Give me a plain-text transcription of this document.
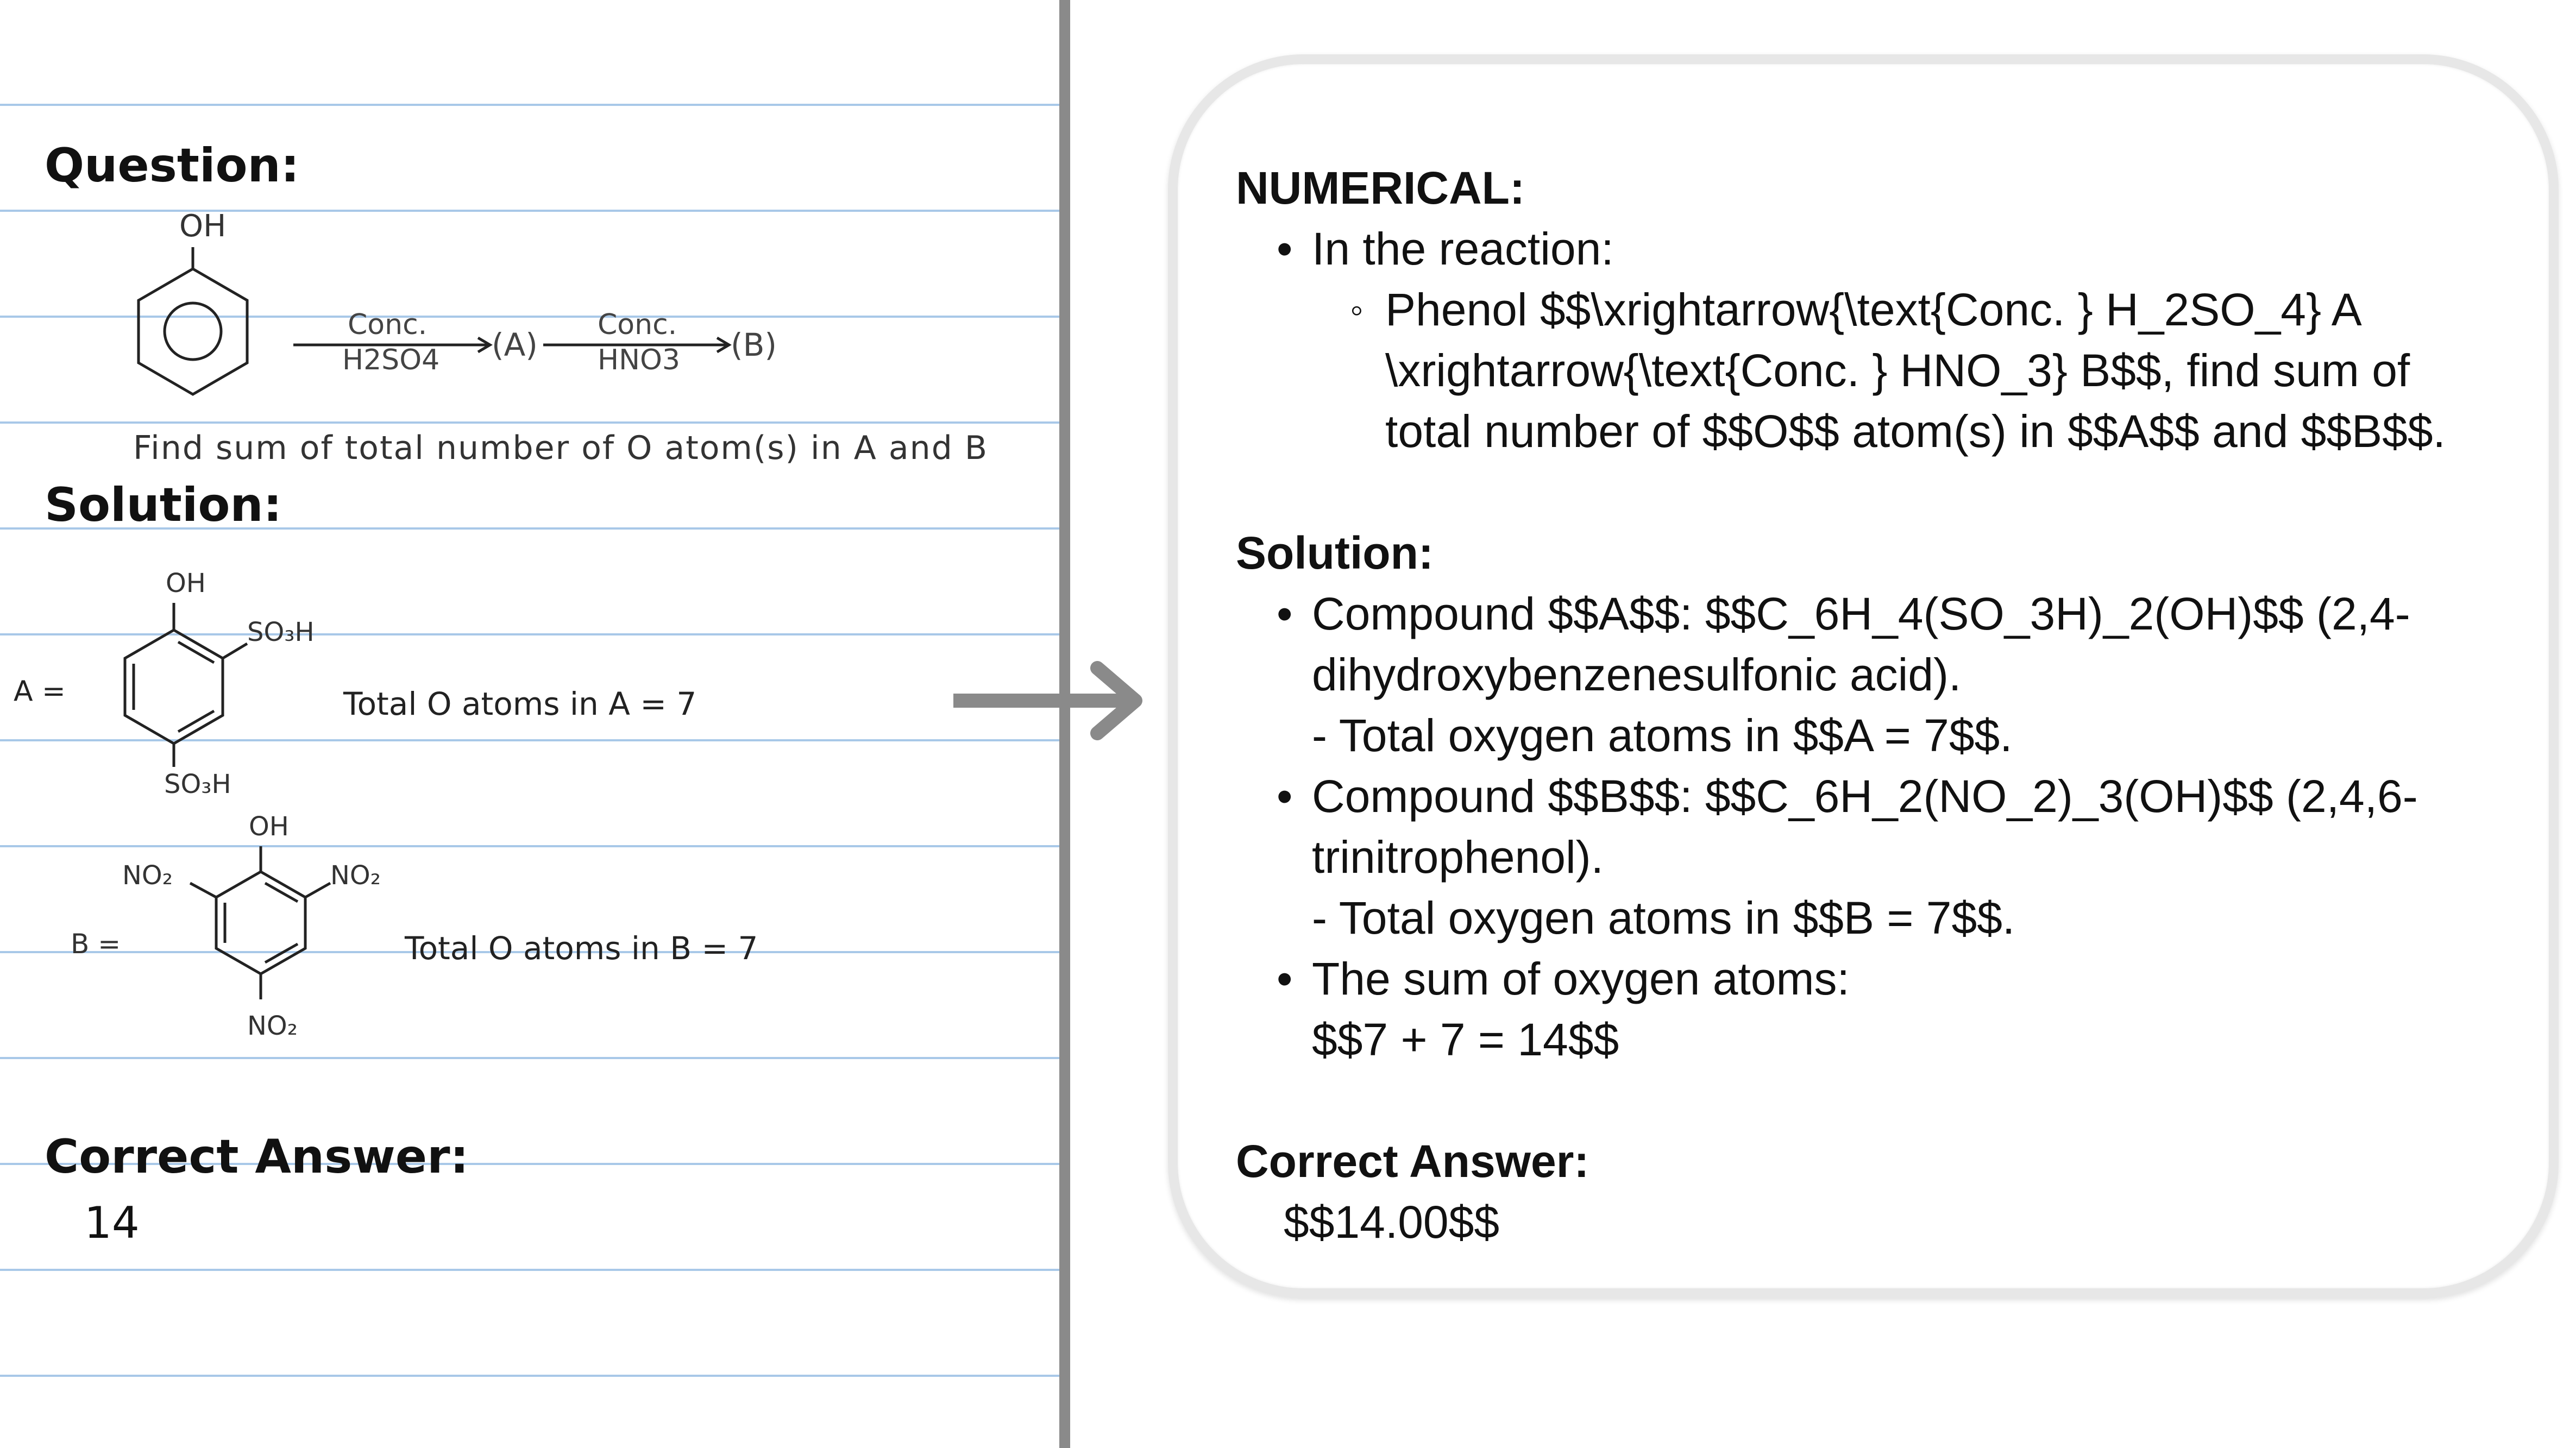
Question:
OH
Conc.
H2SO4 (A)
Conc.
HNO3 (B)
Find sum of total number of O atom(s) in A and B
Solution:
A =
OH
SO₃H
SO₃H
Total O atoms in A = 7
B =
OH
NO₂	NO₂
NO₂
Total O atoms in B = 7
Correct Answer:
14
NUMERICAL:
• In the reaction:
◦ Phenol $$\xrightarrow{\text{Conc. } H_2SO_4} A
\xrightarrow{\text{Conc. } HNO_3} B$$, find sum of
total number of $$O$$ atom(s) in $$A$$ and $$B$$.
Solution:
• Compound $$A$$: $$C_6H_4(SO_3H)_2(OH)$$ (2,4-
dihydroxybenzenesulfonic acid).
- Total oxygen atoms in $$A = 7$$.
• Compound $$B$$: $$C_6H_2(NO_2)_3(OH)$$ (2,4,6-
trinitrophenol).
- Total oxygen atoms in $$B = 7$$.
• The sum of oxygen atoms:
$$7 + 7 = 14$$
Correct Answer:
$$14.00$$
